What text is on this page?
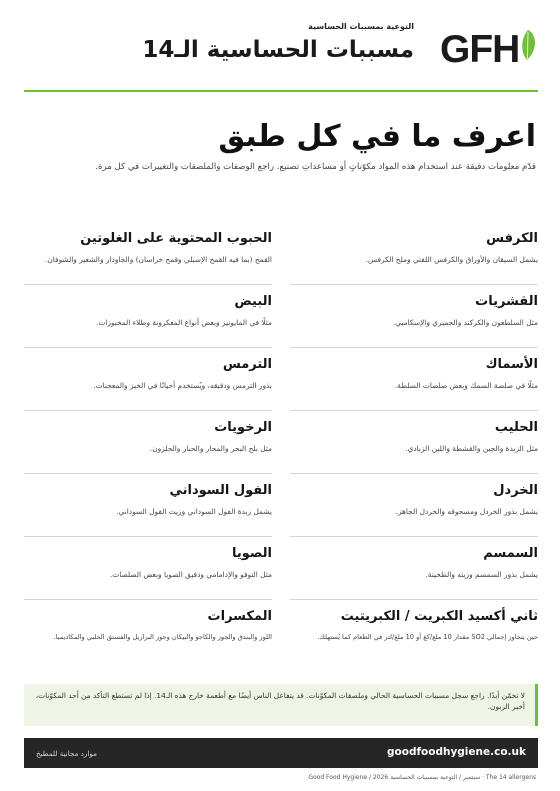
GFH

التوعية بمسببات الحساسية

مسببات الحساسية الـ14
اعرف ما في كل طبق

قدّم معلومات دقيقة عند استخدام هذه المواد مكوّناتٍ أو مساعداتِ تصنيع. راجع الوصفات والملصقات والتغييرات في كل مرة.

الكرفس

يشمل السيقان والأوراق والكرفس اللفتي وملح الكرفس.

الحبوب المحتوية على الغلوتين

القمح (بما فيه القمح الإسبلي وقمح خراسان) والجاودار والشعير والشوفان.

القشريات

مثل السلطعون والكركند والجمبري والإسكامبي.

البيض

مثلًا في المايونيز وبعض أنواع المعكرونة وطلاء المخبوزات.

الأسماك

مثلًا في صلصة السمك وبعض صلصات السلطة.

الترمس

بذور الترمس ودقيقه، ويُستخدم أحيانًا في الخبز والمعجنات.

الحليب

مثل الزبدة والجبن والقشطة واللبن الزبادي.

الرخويات

مثل بلح البحر والمحار والحبار والحلزون.

الخردل

يشمل بذور الخردل ومسحوقه والخردل الجاهز.

الفول السوداني

يشمل زبدة الفول السوداني وزيت الفول السوداني.

السمسم

يشمل بذور السمسم وزيته والطحينة.

الصويا

مثل التوفو والإدامامي ودقيق الصويا وبعض الصلصات.

ثاني أكسيد الكبريت / الكبريتيت

حين يتجاوز إجمالي SO2 مقدار 10 ملغ/كغ أو 10 ملغ/لتر في الطعام كما يُستهلك.

المكسرات

اللوز والبندق والجوز والكاجو والبيكان وجوز البرازيل والفستق الحلبي والمكاديميا.

لا تخمّن أبدًا. راجع سجل مسببات الحساسية الحالي وملصقات المكوّنات. قد يتفاعل الناس أيضًا مع أطعمة خارج هذه الـ14. إذا لم تستطع التأكد من أحد المكوّنات، أخبر الزبون.

goodfoodhygiene.co.uk
موارد مجانية للمطبخ
Good Food Hygiene / 2026 سبتمبر / التوعية بمسببات الحساسية · The 14 allergens
